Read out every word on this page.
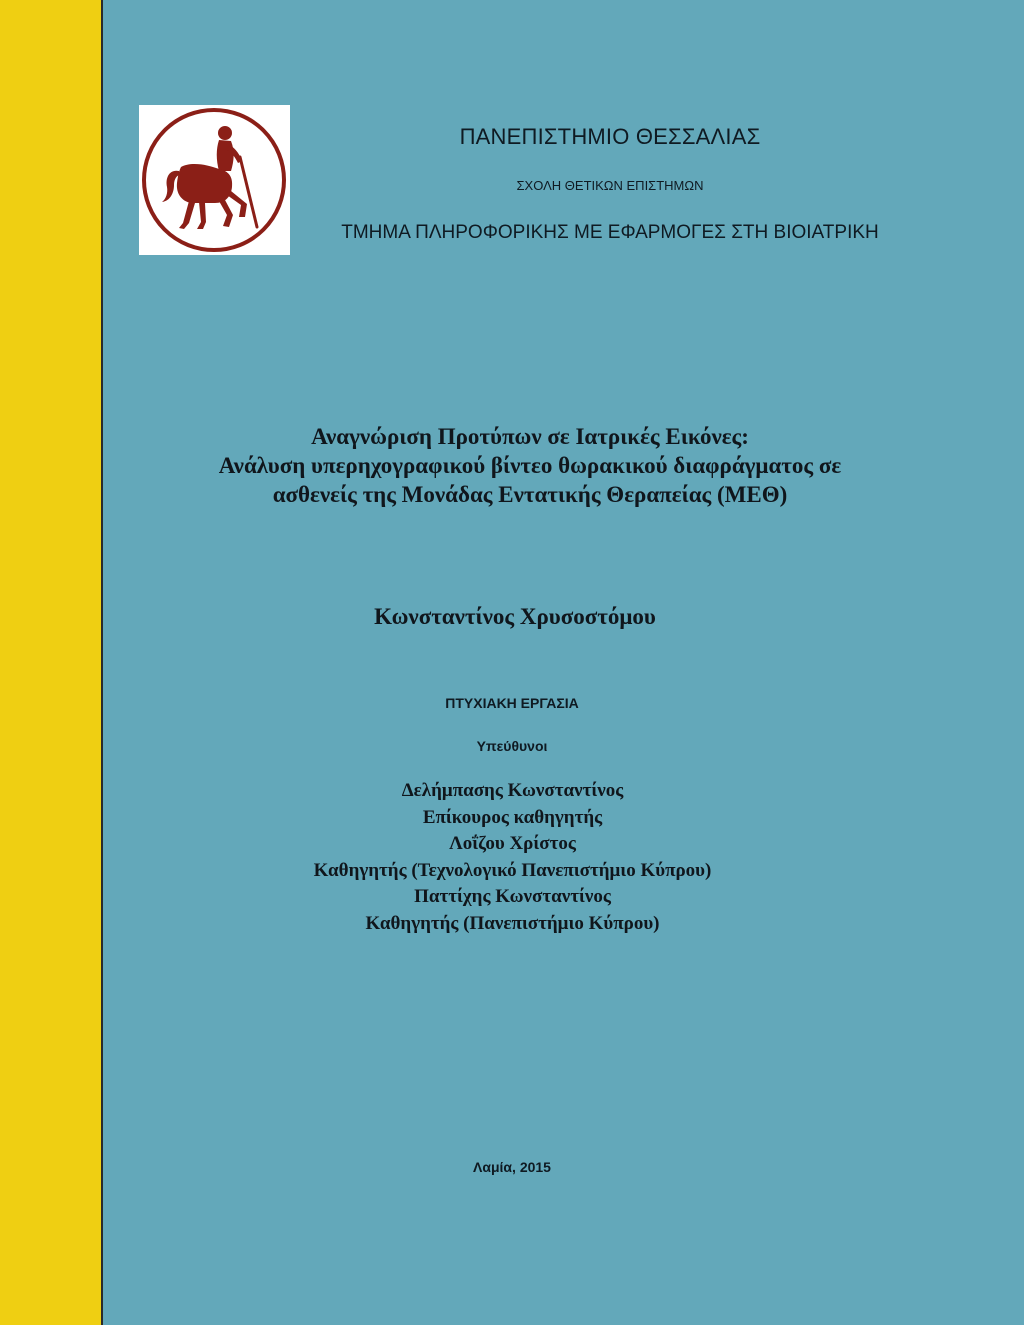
ΠΑΝΕΠΙΣΤΗΜΙΟ ΘΕΣΣΑΛΙΑΣ
ΣΧΟΛΗ ΘΕΤΙΚΩΝ ΕΠΙΣΤΗΜΩΝ
ΤΜΗΜΑ ΠΛΗΡΟΦΟΡΙΚΗΣ ΜΕ ΕΦΑΡΜΟΓΕΣ ΣΤΗ ΒΙΟΙΑΤΡΙΚΗ
Αναγνώριση Προτύπων σε Ιατρικές Εικόνες:
Ανάλυση υπερηχογραφικού βίντεο θωρακικού διαφράγματος σε
ασθενείς της Μονάδας Εντατικής Θεραπείας (ΜΕΘ)
Κωνσταντίνος Χρυσοστόμου
ΠΤΥΧΙΑΚΗ ΕΡΓΑΣΙΑ
Υπεύθυνοι
Δελήμπασης Κωνσταντίνος
Επίκουρος καθηγητής
Λοΐζου Χρίστος
Καθηγητής (Τεχνολογικό Πανεπιστήμιο Κύπρου)
Παττίχης Κωνσταντίνος
Καθηγητής (Πανεπιστήμιο Κύπρου)
Λαμία, 2015
